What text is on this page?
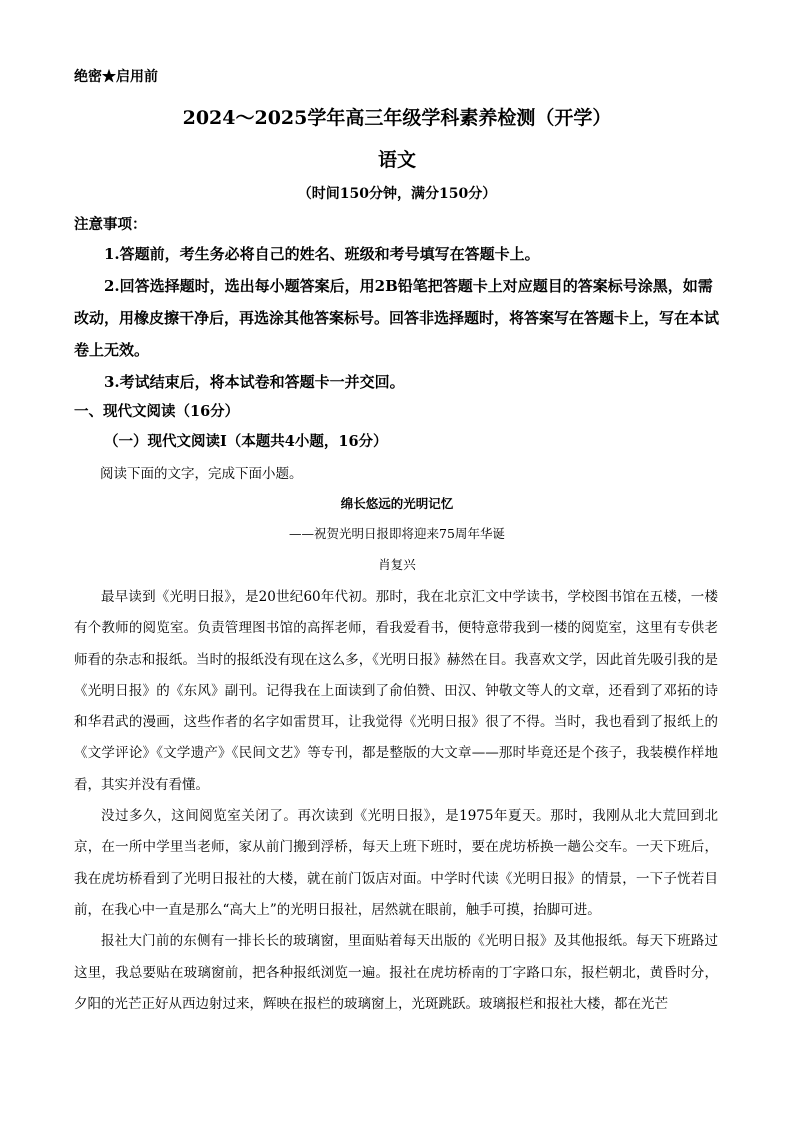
绝密★启用前
2024～2025学年高三年级学科素养检测（开学）
语文
（时间150分钟，满分150分）
注意事项：

1.答题前，考生务必将自己的姓名、班级和考号填写在答题卡上。

2.回答选择题时，选出每小题答案后，用2B铅笔把答题卡上对应题目的答案标号涂黑，如需改动，用橡皮擦干净后，再选涂其他答案标号。回答非选择题时，将答案写在答题卡上，写在本试卷上无效。

3.考试结束后，将本试卷和答题卡一并交回。

一、现代文阅读（16分）
（一）现代文阅读Ⅰ（本题共4小题，16分）
阅读下面的文字，完成下面小题。
绵长悠远的光明记忆
——祝贺光明日报即将迎来75周年华诞
肖复兴

最早读到《光明日报》，是20世纪60年代初。那时，我在北京汇文中学读书，学校图书馆在五楼，一楼有个教师的阅览室。负责管理图书馆的高挥老师，看我爱看书，便特意带我到一楼的阅览室，这里有专供老师看的杂志和报纸。当时的报纸没有现在这么多，《光明日报》赫然在目。我喜欢文学，因此首先吸引我的是《光明日报》的《东风》副刊。记得我在上面读到了俞伯赞、田汉、钟敬文等人的文章，还看到了邓拓的诗和华君武的漫画，这些作者的名字如雷贯耳，让我觉得《光明日报》很了不得。当时，我也看到了报纸上的《文学评论》《文学遗产》《民间文艺》等专刊，都是整版的大文章——那时毕竟还是个孩子，我装模作样地看，其实并没有看懂。

没过多久，这间阅览室关闭了。再次读到《光明日报》，是1975年夏天。那时，我刚从北大荒回到北京，在一所中学里当老师，家从前门搬到浮桥，每天上班下班时，要在虎坊桥换一趟公交车。一天下班后，我在虎坊桥看到了光明日报社的大楼，就在前门饭店对面。中学时代读《光明日报》的情景，一下子恍若目前，在我心中一直是那么“高大上”的光明日报社，居然就在眼前，触手可摸，抬脚可进。

报社大门前的东侧有一排长长的玻璃窗，里面贴着每天出版的《光明日报》及其他报纸。每天下班路过这里，我总要贴在玻璃窗前，把各种报纸浏览一遍。报社在虎坊桥南的丁字路口东，报栏朝北，黄昏时分，夕阳的光芒正好从西边射过来，辉映在报栏的玻璃窗上，光斑跳跃。玻璃报栏和报社大楼，都在光芒
